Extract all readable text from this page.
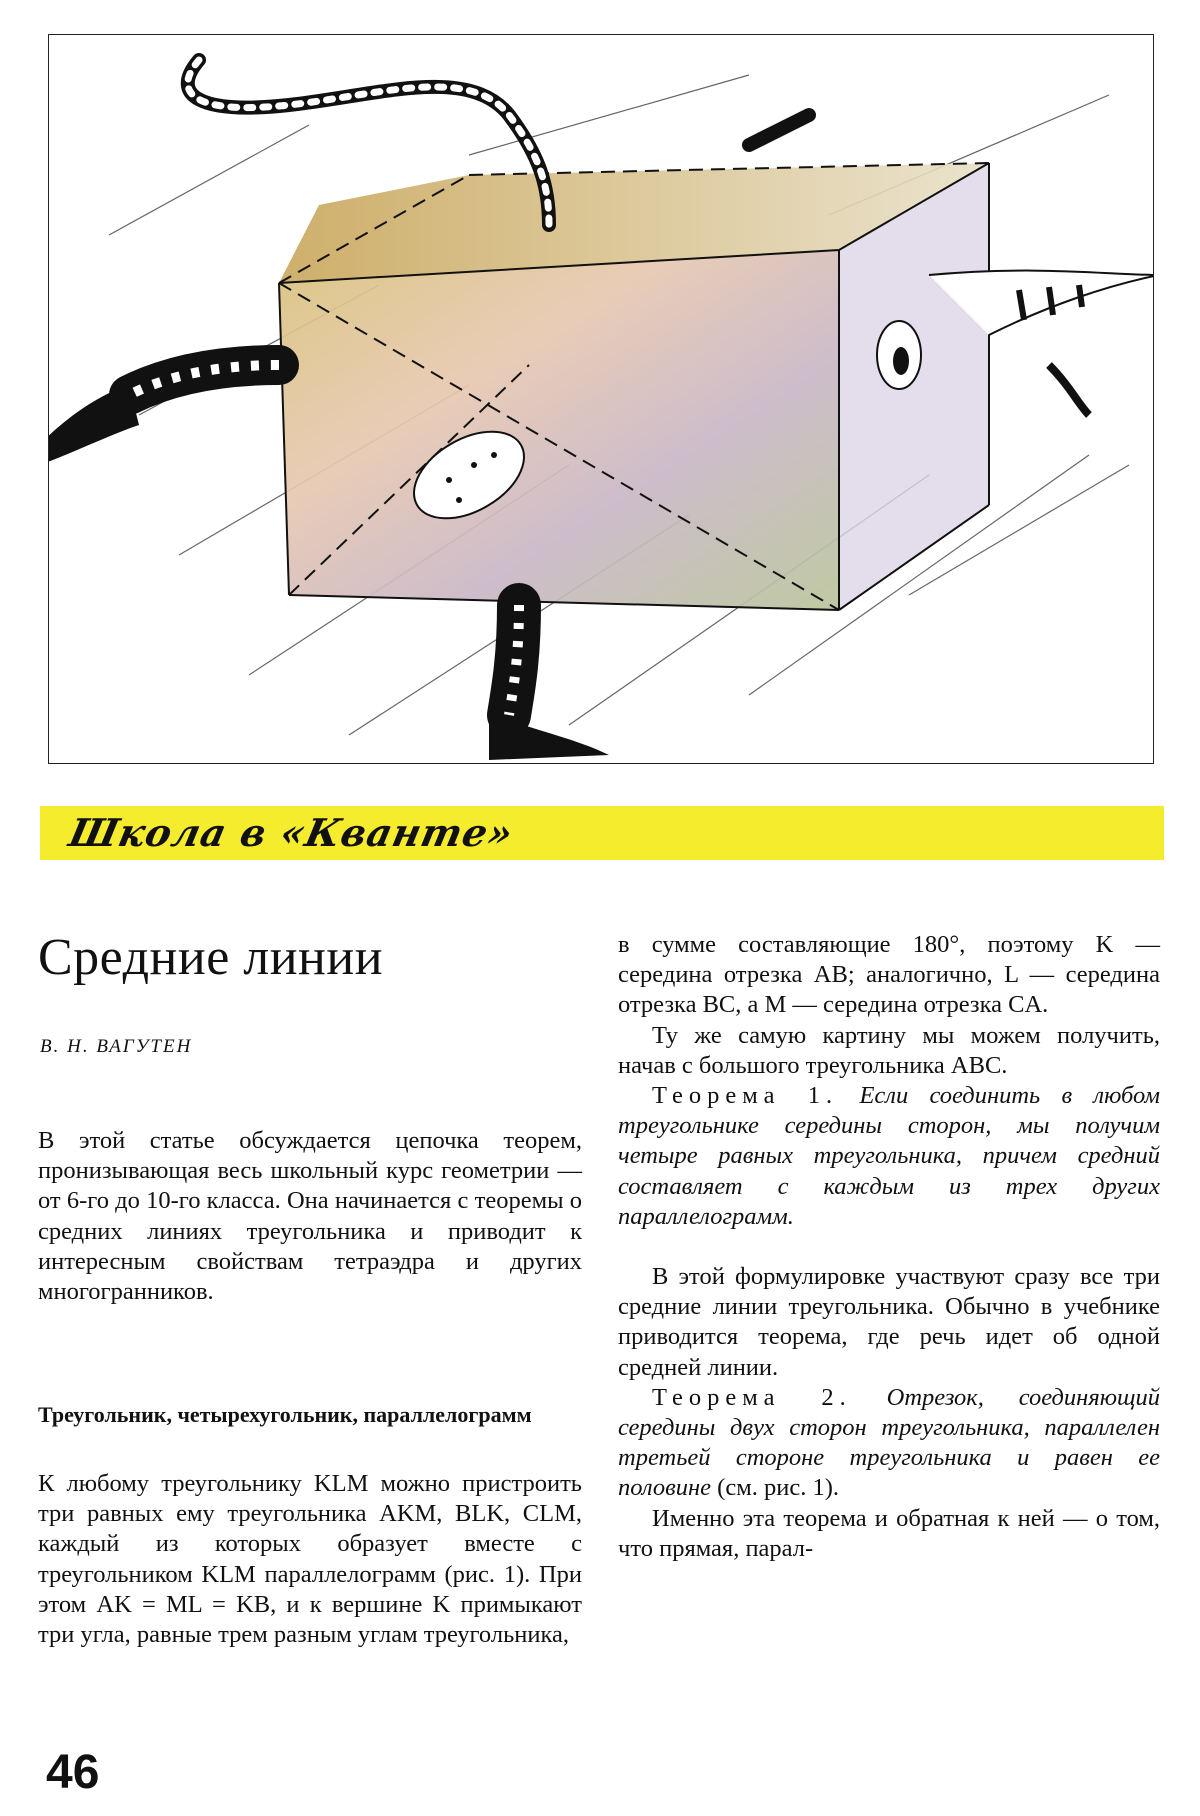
Школа в «Кванте»
Средние линии
В. Н. ВАГУТЕН

В этой статье обсуждается цепочка теорем, пронизывающая весь школьный курс геометрии — от 6-го до 10-го класса. Она начинается с теоремы о средних линиях треугольника и приводит к интересным свойствам тетраэдра и других многогранников.

Треугольник, четырехугольник, параллелограмм

К любому треугольнику KLM можно пристроить три равных ему треугольника AKM, BLK, CLM, каждый из которых образует вместе с треугольником KLM параллелограмм (рис. 1). При этом AK = ML = KB, и к вершине K примыкают три угла, равные трем разным углам треугольника,

в сумме составляющие 180°, поэтому K — середина отрезка AB; аналогично, L — середина отрезка BC, а M — середина отрезка CA.

Ту же самую картину мы можем получить, начав с большого треугольника ABC.

Теорема 1. Если соединить в любом треугольнике середины сторон, мы получим четыре равных треугольника, причем средний составляет с каждым из трех других параллелограмм.

В этой формулировке участвуют сразу все три средние линии треугольника. Обычно в учебнике приводится теорема, где речь идет об одной средней линии.

Теорема 2. Отрезок, соединяющий середины двух сторон треугольника, параллелен третьей стороне треугольника и равен ее половине (см. рис. 1).

Именно эта теорема и обратная к ней — о том, что прямая, парал-

46
